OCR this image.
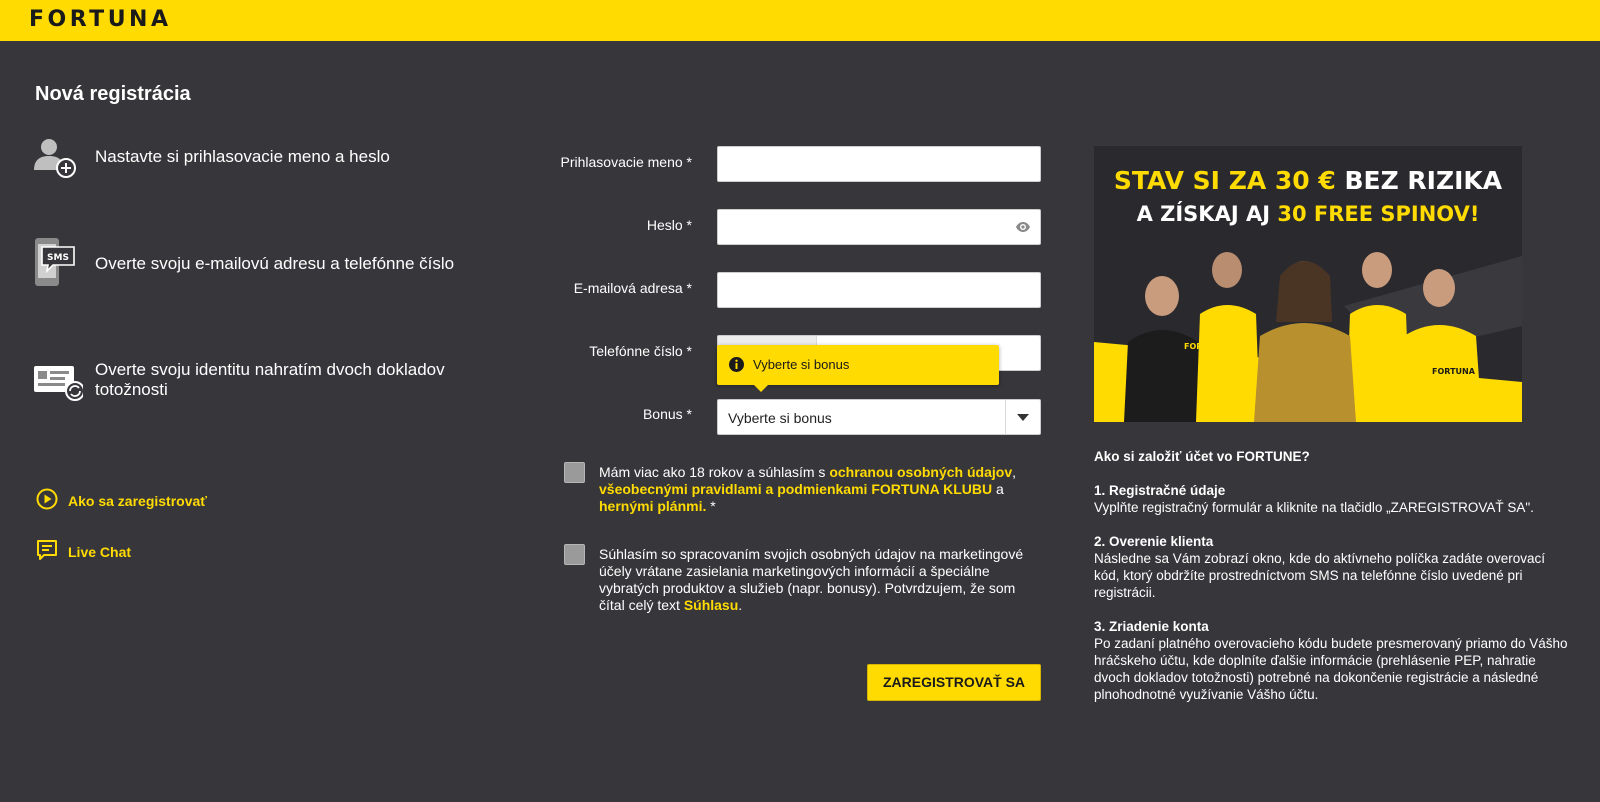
FORTUNA
Nová registrácia
Nastavte si prihlasovacie meno a heslo
SMS Overte svoju e-mailovú adresu a telefónne číslo
Overte svoju identitu nahratím dvoch dokladov totožnosti
Ako sa zaregistrovať
Live Chat
Prihlasovacie meno *
Heslo *
E-mailová adresa *
Telefónne číslo *
Bonus *	Vyberte si bonus
Vyberte si bonus
Mám viac ako 18 rokov a súhlasím s ochranou osobných údajov, všeobecnými pravidlami a podmienkami FORTUNA KLUBU a hernými plánmi. *
Súhlasím so spracovaním svojich osobných údajov na marketingové účely vrátane zasielania marketingových informácií a špeciálne vybratých produktov a služieb (napr. bonusy). Potvrdzujem, že som čítal celý text Súhlasu.
ZAREGISTROVAŤ SA
FORTUNA
FORTUNA
STAV SI ZA 30 € BEZ RIZIKA
A ZÍSKAJ AJ 30 FREE SPINOV!
Ako si založiť účet vo FORTUNE?
1. Registračné údaje
Vyplňte registračný formulár a kliknite na tlačidlo „ZAREGISTROVAŤ SA".
2. Overenie klienta
Následne sa Vám zobrazí okno, kde do aktívneho políčka zadáte overovací kód, ktorý obdržíte prostredníctvom SMS na telefónne číslo uvedené pri registrácii.
3. Zriadenie konta
Po zadaní platného overovacieho kódu budete presmerovaný priamo do Vášho hráčskeho účtu, kde doplníte ďalšie informácie (prehlásenie PEP, nahratie dvoch dokladov totožnosti) potrebné na dokončenie registrácie a následné plnohodnotné využívanie Vášho účtu.
